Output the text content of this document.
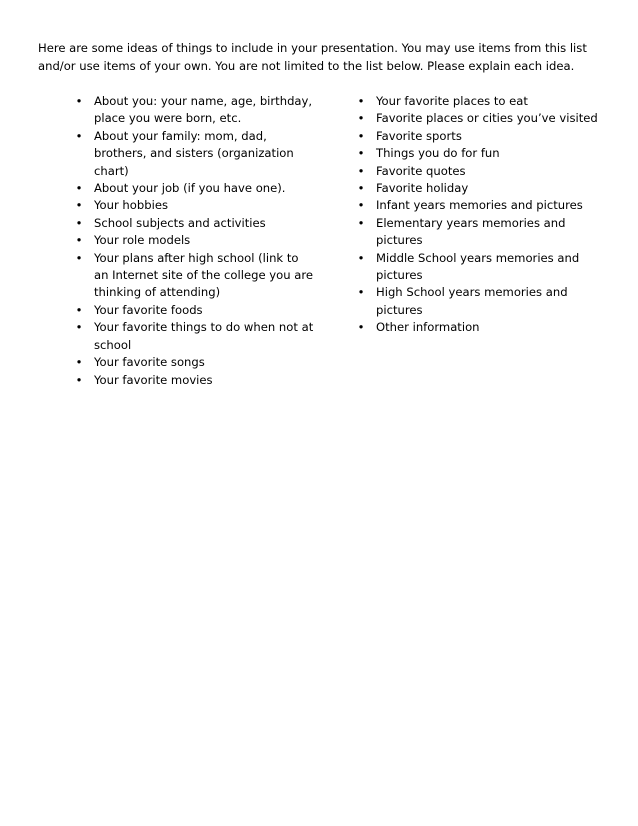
Here are some ideas of things to include in your presentation. You may use items from this list and/or use items of your own. You are not limited to the list below. Please explain each idea.

• About you: your name, age, birthday, place you were born, etc.
• About your family: mom, dad, brothers, and sisters (organization chart)
• About your job (if you have one).
• Your hobbies
• School subjects and activities
• Your role models
• Your plans after high school (link to an Internet site of the college you are thinking of attending)
• Your favorite foods
• Your favorite things to do when not at school
• Your favorite songs
• Your favorite movies
• Your favorite places to eat
• Favorite places or cities you’ve visited
• Favorite sports
• Things you do for fun
• Favorite quotes
• Favorite holiday
• Infant years memories and pictures
• Elementary years memories and pictures
• Middle School years memories and pictures
• High School years memories and pictures
• Other information
